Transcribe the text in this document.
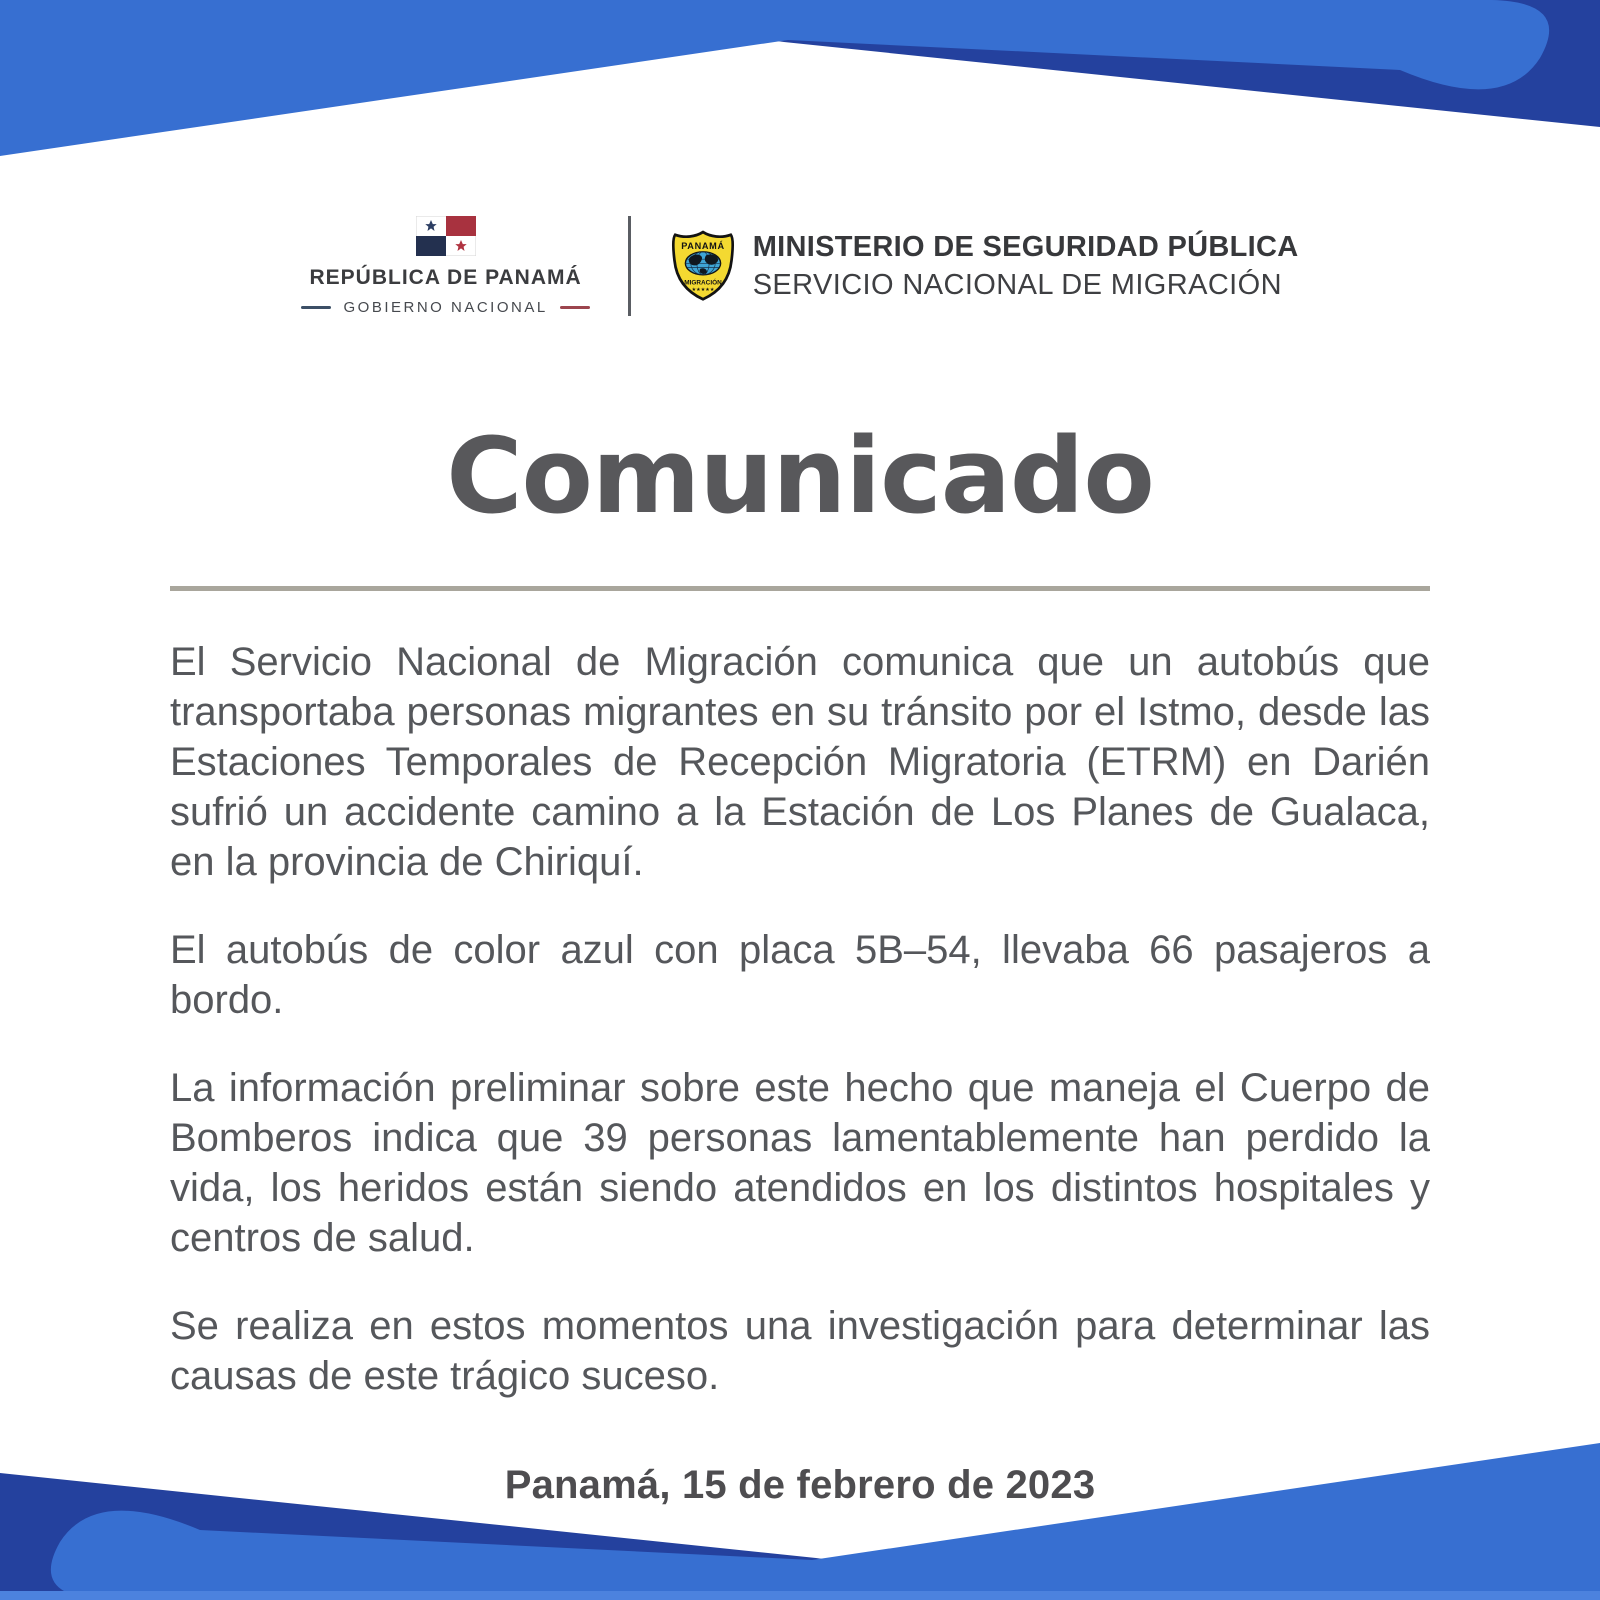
REPÚBLICA DE PANAMÁ
GOBIERNO NACIONAL
PANAMÁ
MIGRACIÓN
★★★★★
MINISTERIO DE SEGURIDAD PÚBLICA
SERVICIO NACIONAL DE MIGRACIÓN
Comunicado

El Servicio Nacional de Migración comunica que un autobús que transportaba personas migrantes en su tránsito por el Istmo, desde las Estaciones Temporales de Recepción Migratoria (ETRM) en Darién sufrió un accidente camino a la Estación de Los Planes de Gualaca, en la provincia de Chiriquí.

El autobús de color azul con placa 5B–54, llevaba 66 pasajeros a bordo.

La información preliminar sobre este hecho que maneja el Cuerpo de Bomberos indica que 39 personas lamentablemente han perdido la vida, los heridos están siendo atendidos en los distintos hospitales y centros de salud.

Se realiza en estos momentos una investigación para determinar las causas de este trágico suceso.

Panamá, 15 de febrero de 2023
